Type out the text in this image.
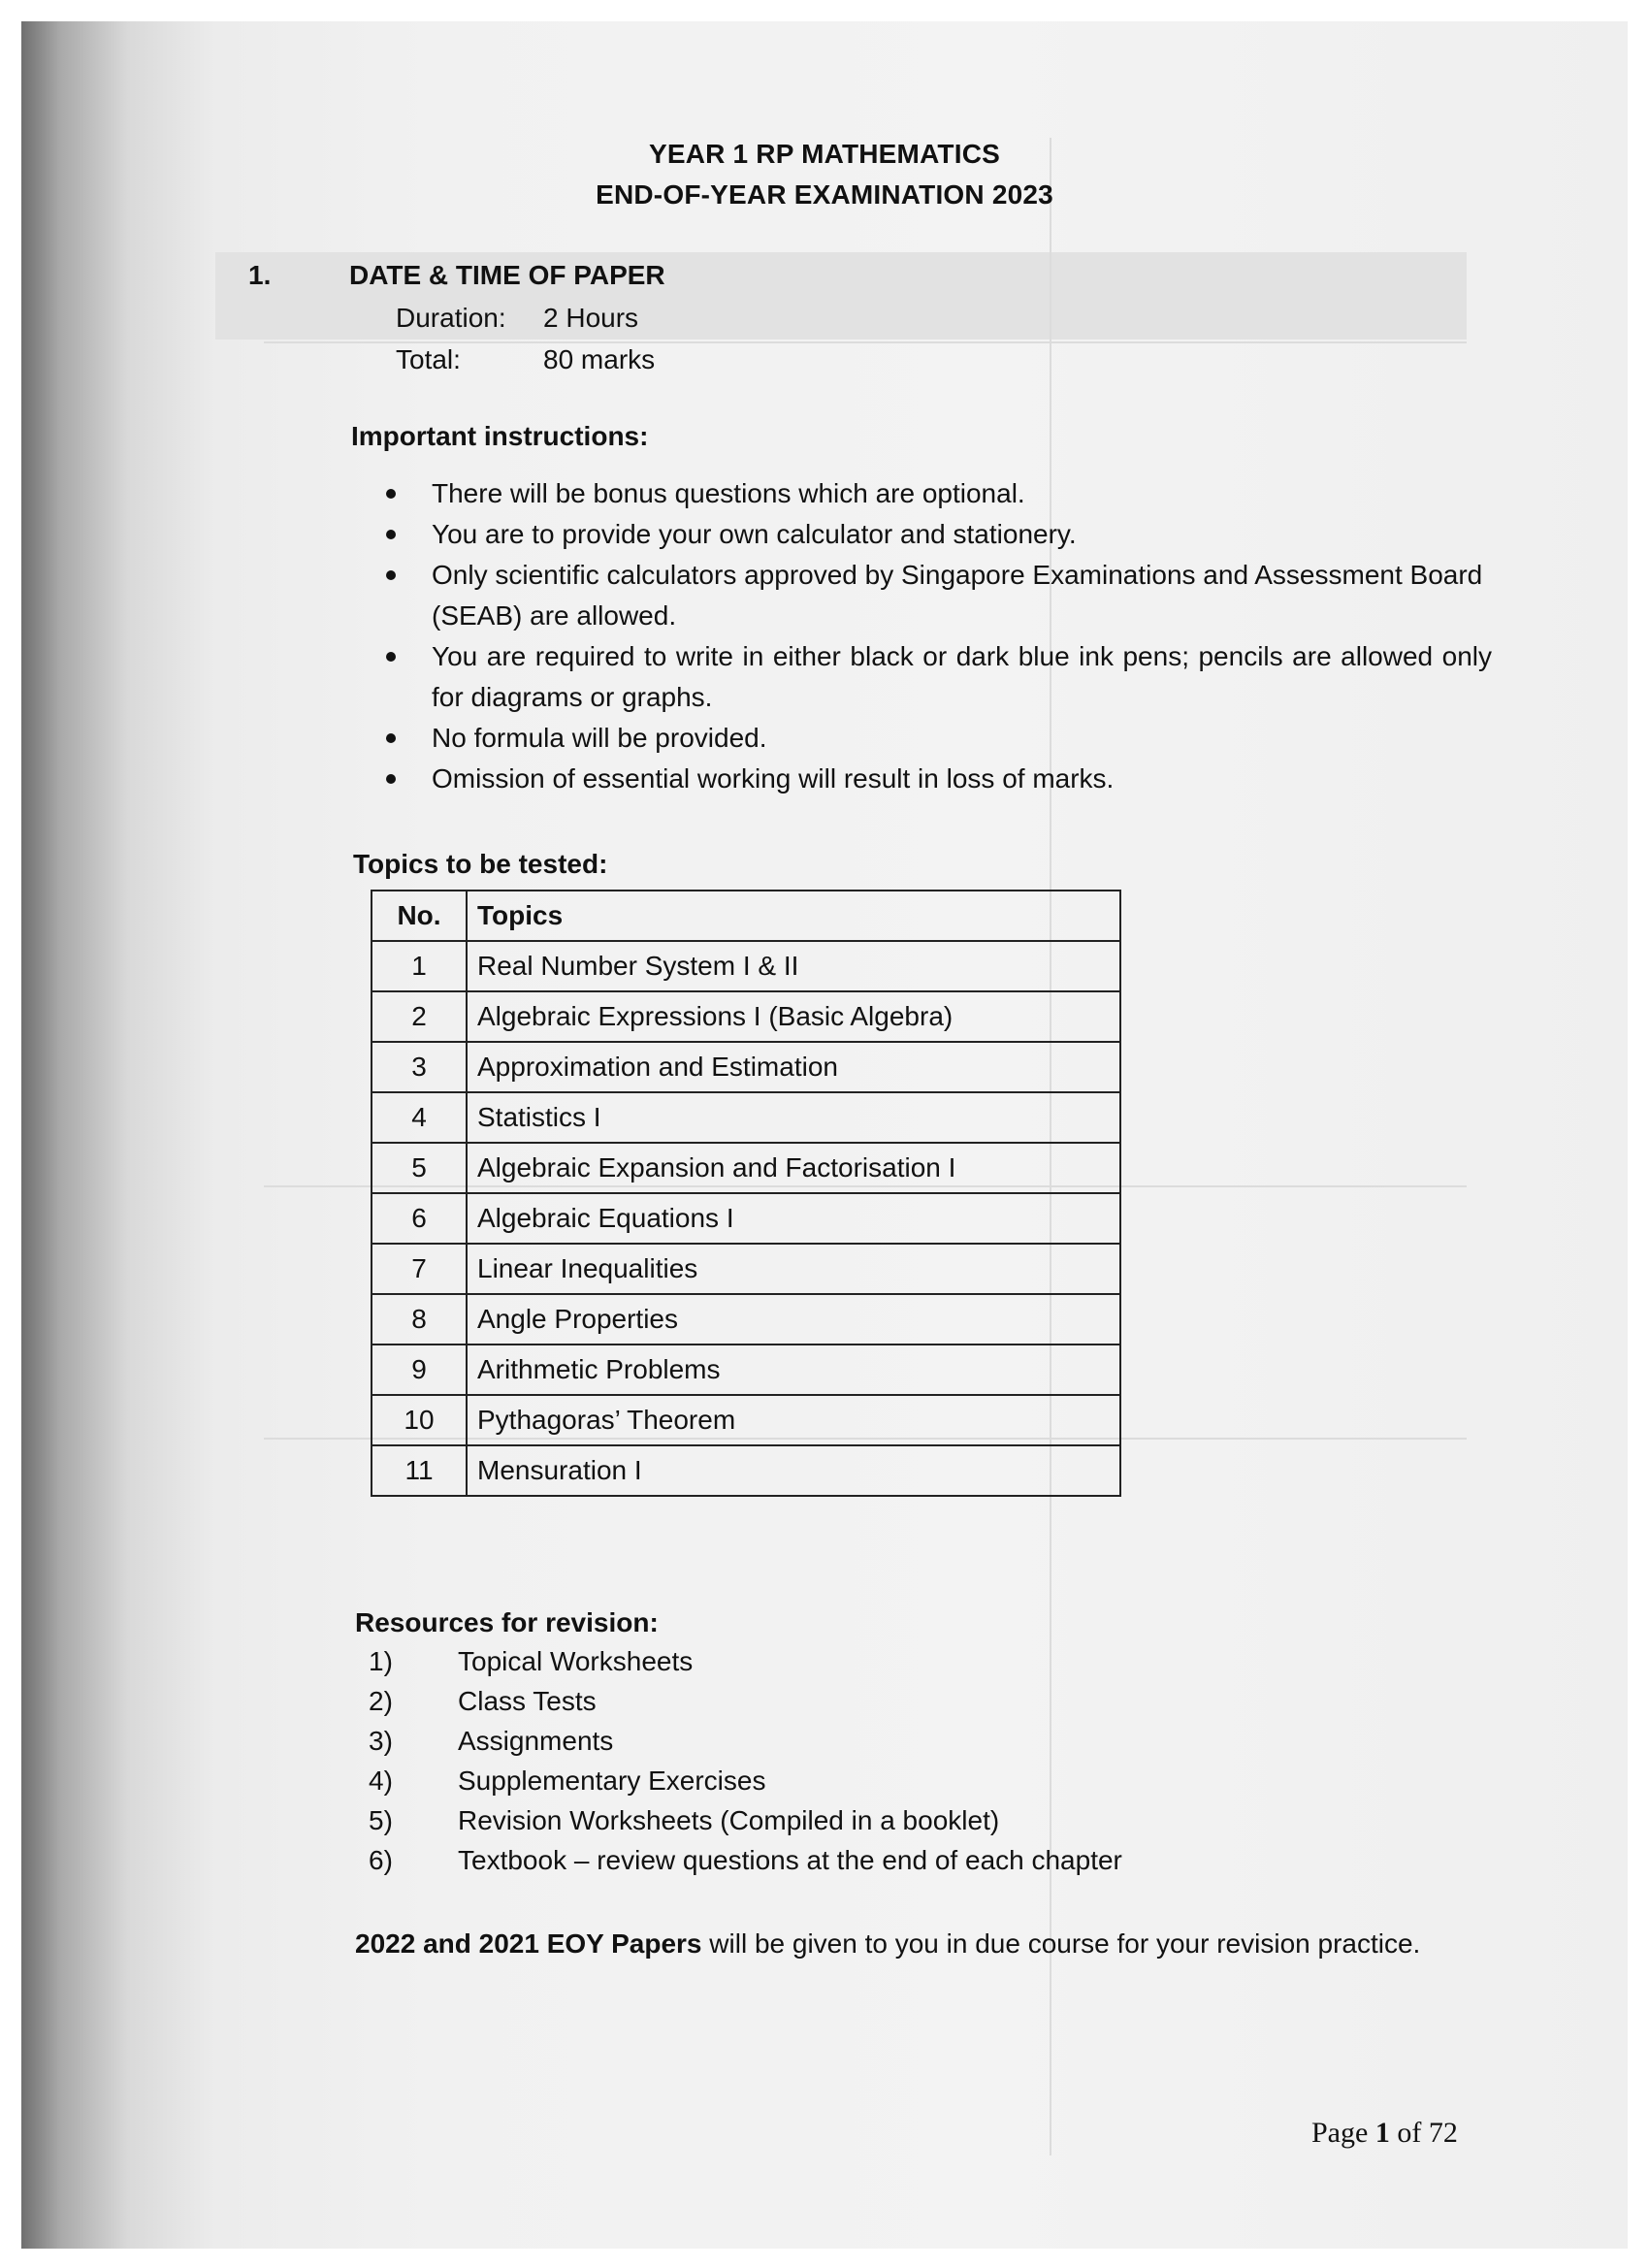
YEAR 1 RP MATHEMATICS
END-OF-YEAR EXAMINATION 2023
1.	DATE & TIME OF PAPER
Duration: 2 Hours
Total:	80 marks
Important instructions:
There will be bonus questions which are optional.
You are to provide your own calculator and stationery.
Only scientific calculators approved by Singapore Examinations and Assessment Board (SEAB) are allowed.
You are required to write in either black or dark blue ink pens; pencils are allowed only for diagrams or graphs.
No formula will be provided.
Omission of essential working will result in loss of marks.
Topics to be tested:
No.	Topics
1	Real Number System I & II
2	Algebraic Expressions I (Basic Algebra)
3	Approximation and Estimation
4	Statistics I
5	Algebraic Expansion and Factorisation I
6	Algebraic Equations I
7	Linear Inequalities
8	Angle Properties
9	Arithmetic Problems
10	Pythagoras’ Theorem
11	Mensuration I
Resources for revision:
1) Topical Worksheets
2) Class Tests
3) Assignments
4) Supplementary Exercises
5) Revision Worksheets (Compiled in a booklet)
6) Textbook – review questions at the end of each chapter
2022 and 2021 EOY Papers will be given to you in due course for your revision practice.
Page 1 of 72
